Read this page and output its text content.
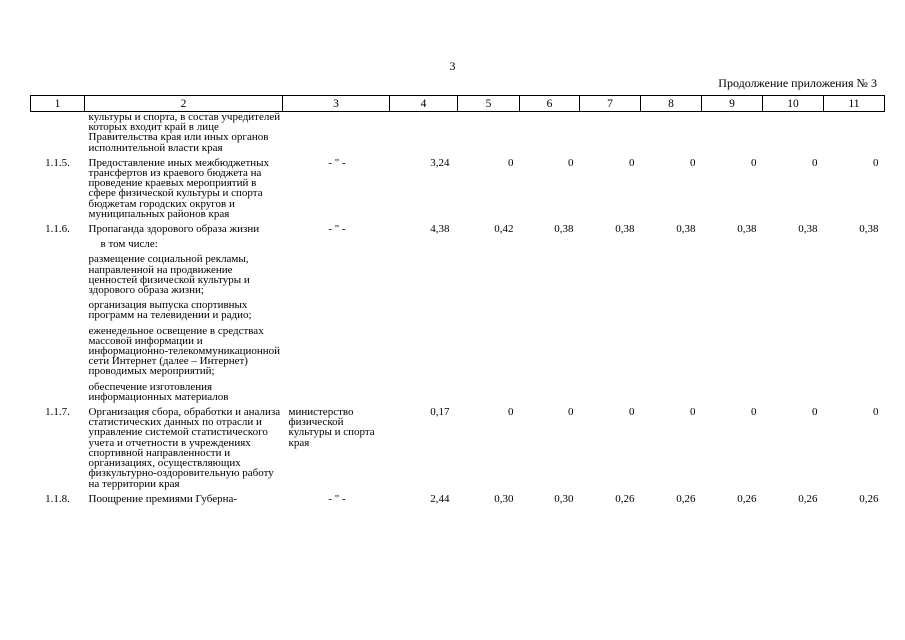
3
Продолжение приложения № 3
1	2	3	4	5	6	7	8	9	10	11
	культуры и спорта, в состав учредителей которых входит край в лице Правительства края или иных органов исполнительной власти края									
1.1.5.	Предоставление иных межбюджетных трансфертов из краевого бюджета на проведение краевых мероприятий в сфере физической культуры и спорта бюджетам городских округов и муниципальных районов края	- " -	3,24	0	0	0	0	0	0	0
1.1.6.	Пропаганда здорового образа жизни	- " -	4,38	0,42	0,38	0,38	0,38	0,38	0,38	0,38
	в том числе:									
	размещение социальной рекламы, направленной на продвижение ценностей физической культуры и здорового образа жизни;									
	организация выпуска спортивных программ на телевидении и радио;									
	еженедельное освещение в средствах массовой информации и информационно-телекоммуникационной сети Интернет (далее – Интернет) проводимых мероприятий;									
	обеспечение изготовления информационных материалов									
1.1.7.	Организация сбора, обработки и анализа статистических данных по отрасли и управление системой статистического учета и отчетности в учреждениях спортивной направленности и организациях, осуществляющих физкультурно-оздоровительную работу на территории края	министерство физической культуры и спорта края	0,17	0	0	0	0	0	0	0
1.1.8.	Поощрение премиями Губерна-	- " -	2,44	0,30	0,30	0,26	0,26	0,26	0,26	0,26
